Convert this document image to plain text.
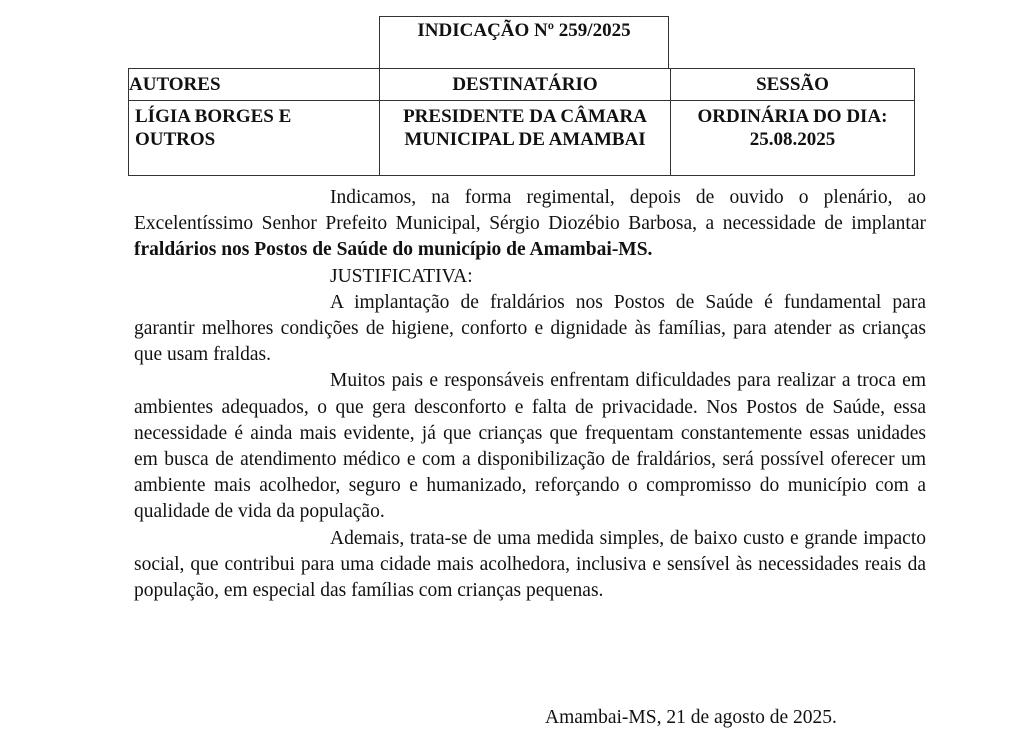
INDICAÇÃO Nº 259/2025
AUTORES	DESTINATÁRIO	SESSÃO
LÍGIA BORGES E OUTROS	PRESIDENTE DA CÂMARA MUNICIPAL DE AMAMBAI	ORDINÁRIA DO DIA: 25.08.2025

Indicamos, na forma regimental, depois de ouvido o plenário, ao Excelentíssimo Senhor Prefeito Municipal, Sérgio Diozébio Barbosa, a necessidade de implantar fraldários nos Postos de Saúde do município de Amambai-MS.

JUSTIFICATIVA:

A implantação de fraldários nos Postos de Saúde é fundamental para garantir melhores condições de higiene, conforto e dignidade às famílias, para atender as crianças que usam fraldas.

Muitos pais e responsáveis enfrentam dificuldades para realizar a troca em ambientes adequados, o que gera desconforto e falta de privacidade. Nos Postos de Saúde, essa necessidade é ainda mais evidente, já que crianças que frequentam constantemente essas unidades em busca de atendimento médico e com a disponibilização de fraldários, será possível oferecer um ambiente mais acolhedor, seguro e humanizado, reforçando o compromisso do município com a qualidade de vida da população.

Ademais, trata-se de uma medida simples, de baixo custo e grande impacto social, que contribui para uma cidade mais acolhedora, inclusiva e sensível às necessidades reais da população, em especial das famílias com crianças pequenas.

Amambai-MS, 21 de agosto de 2025.
